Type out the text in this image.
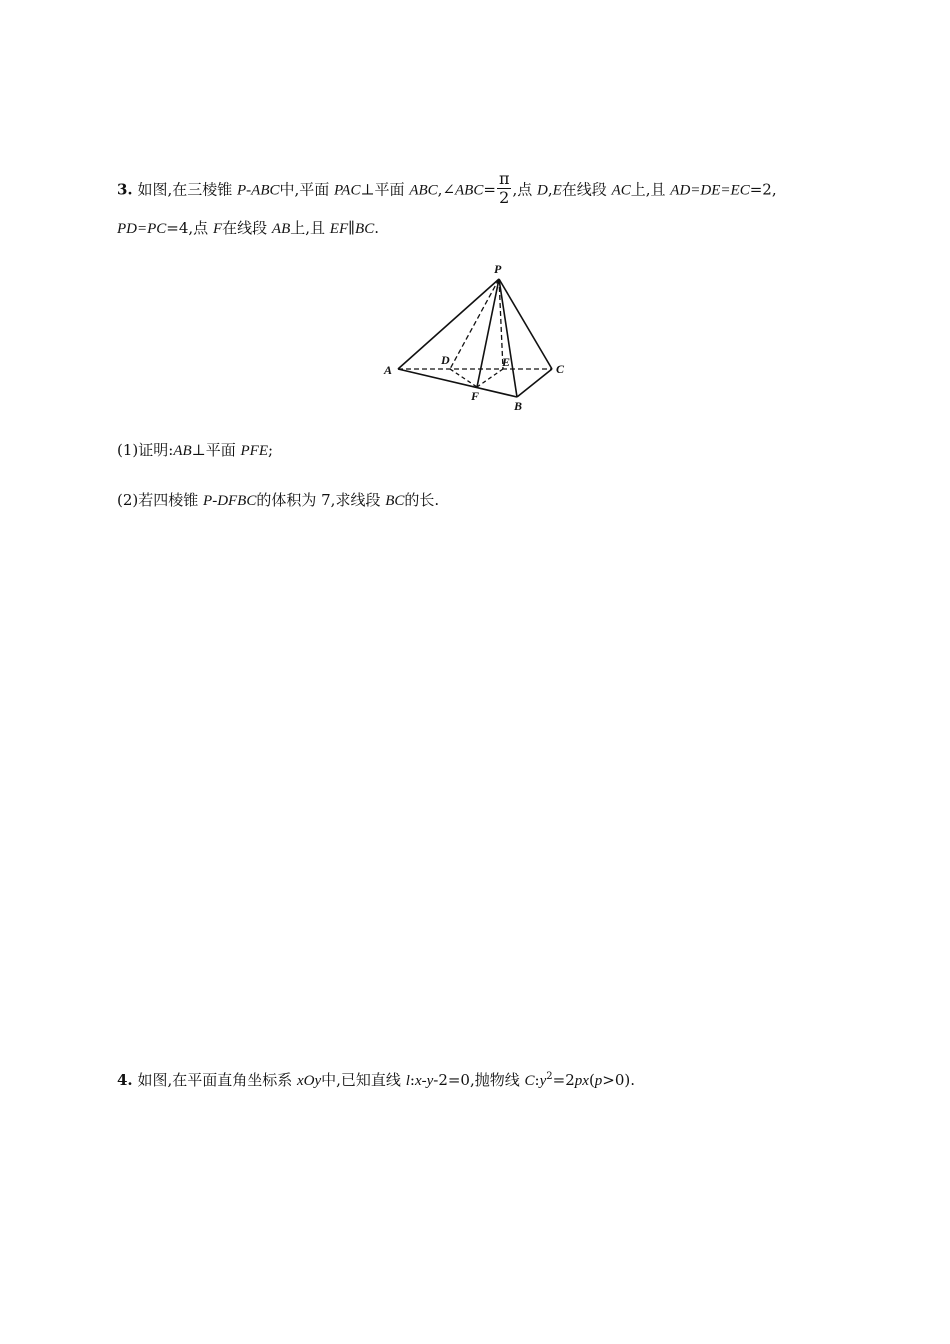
3. 如图,在三棱锥 P-ABC中,平面 PAC⊥平面 ABC,∠ABC= $\frac{\pi}{2}$ ,点 D,E在线段 AC上,且 AD=DE=EC=2,
PD=PC=4,点 F在线段 AB上,且 EF∥BC.
P
A
D	E	C
F
B
(1)证明:AB⊥平面 PFE;
(2)若四棱锥 P-DFBC的体积为 7,求线段 BC的长.
4. 如图,在平面直角坐标系 xOy中,已知直线 l:x-y-2=0,抛物线 $C:y^2=2px(p>0)$.
